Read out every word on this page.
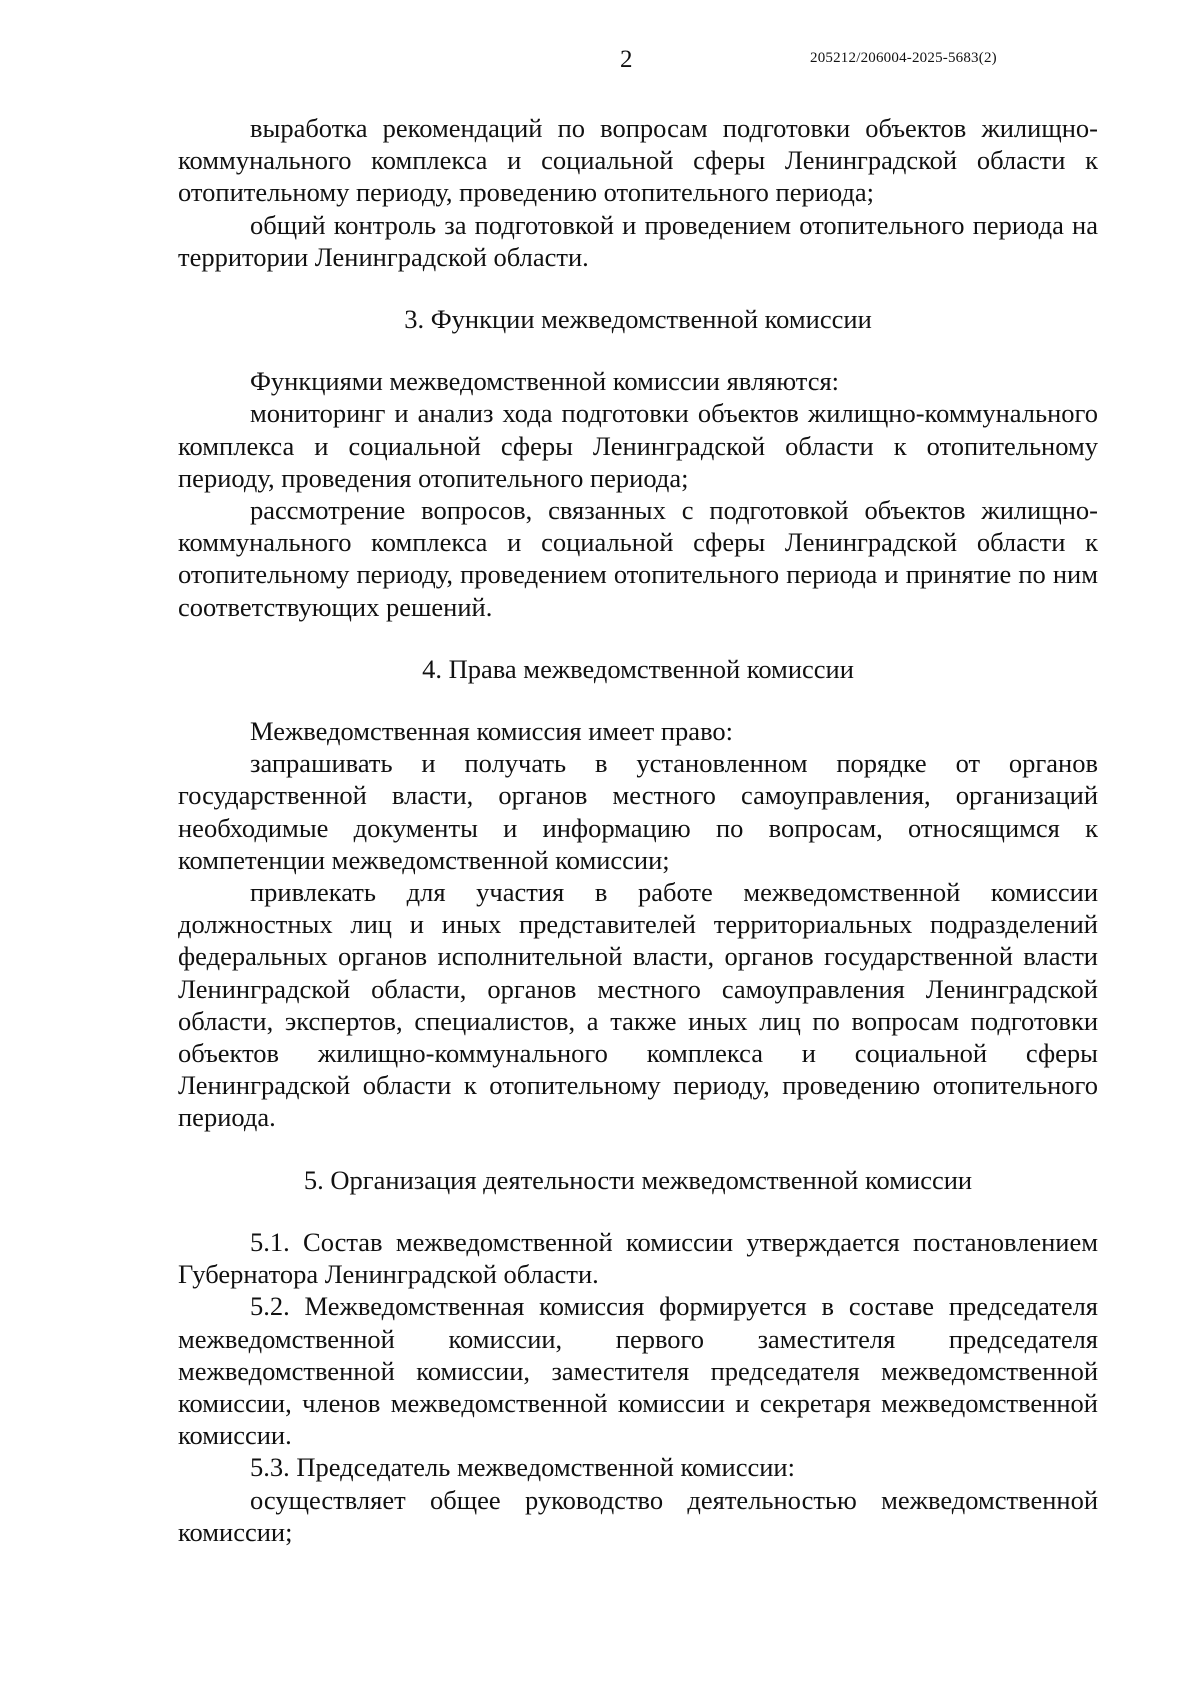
2	205212/206004-2025-5683(2)

выработка рекомендаций по вопросам подготовки объектов жилищно-коммунального комплекса и социальной сферы Ленинградской области к отопительному периоду, проведению отопительного периода;

общий контроль за подготовкой и проведением отопительного периода на территории Ленинградской области.

3. Функции межведомственной комиссии

Функциями межведомственной комиссии являются:

мониторинг и анализ хода подготовки объектов жилищно-коммунального комплекса и социальной сферы Ленинградской области к отопительному периоду, проведения отопительного периода;

рассмотрение вопросов, связанных с подготовкой объектов жилищно-коммунального комплекса и социальной сферы Ленинградской области к отопительному периоду, проведением отопительного периода и принятие по ним соответствующих решений.

4. Права межведомственной комиссии

Межведомственная комиссия имеет право:

запрашивать и получать в установленном порядке от органов государственной власти, органов местного самоуправления, организаций необходимые документы и информацию по вопросам, относящимся к компетенции межведомственной комиссии;

привлекать для участия в работе межведомственной комиссии должностных лиц и иных представителей территориальных подразделений федеральных органов исполнительной власти, органов государственной власти Ленинградской области, органов местного самоуправления Ленинградской области, экспертов, специалистов, а также иных лиц по вопросам подготовки объектов жилищно-коммунального комплекса и социальной сферы Ленинградской области к отопительному периоду, проведению отопительного периода.

5. Организация деятельности межведомственной комиссии

5.1. Состав межведомственной комиссии утверждается постановлением Губернатора Ленинградской области.

5.2. Межведомственная комиссия формируется в составе председателя межведомственной комиссии, первого заместителя председателя межведомственной комиссии, заместителя председателя межведомственной комиссии, членов межведомственной комиссии и секретаря межведомственной комиссии.

5.3. Председатель межведомственной комиссии:

осуществляет общее руководство деятельностью межведомственной комиссии;
